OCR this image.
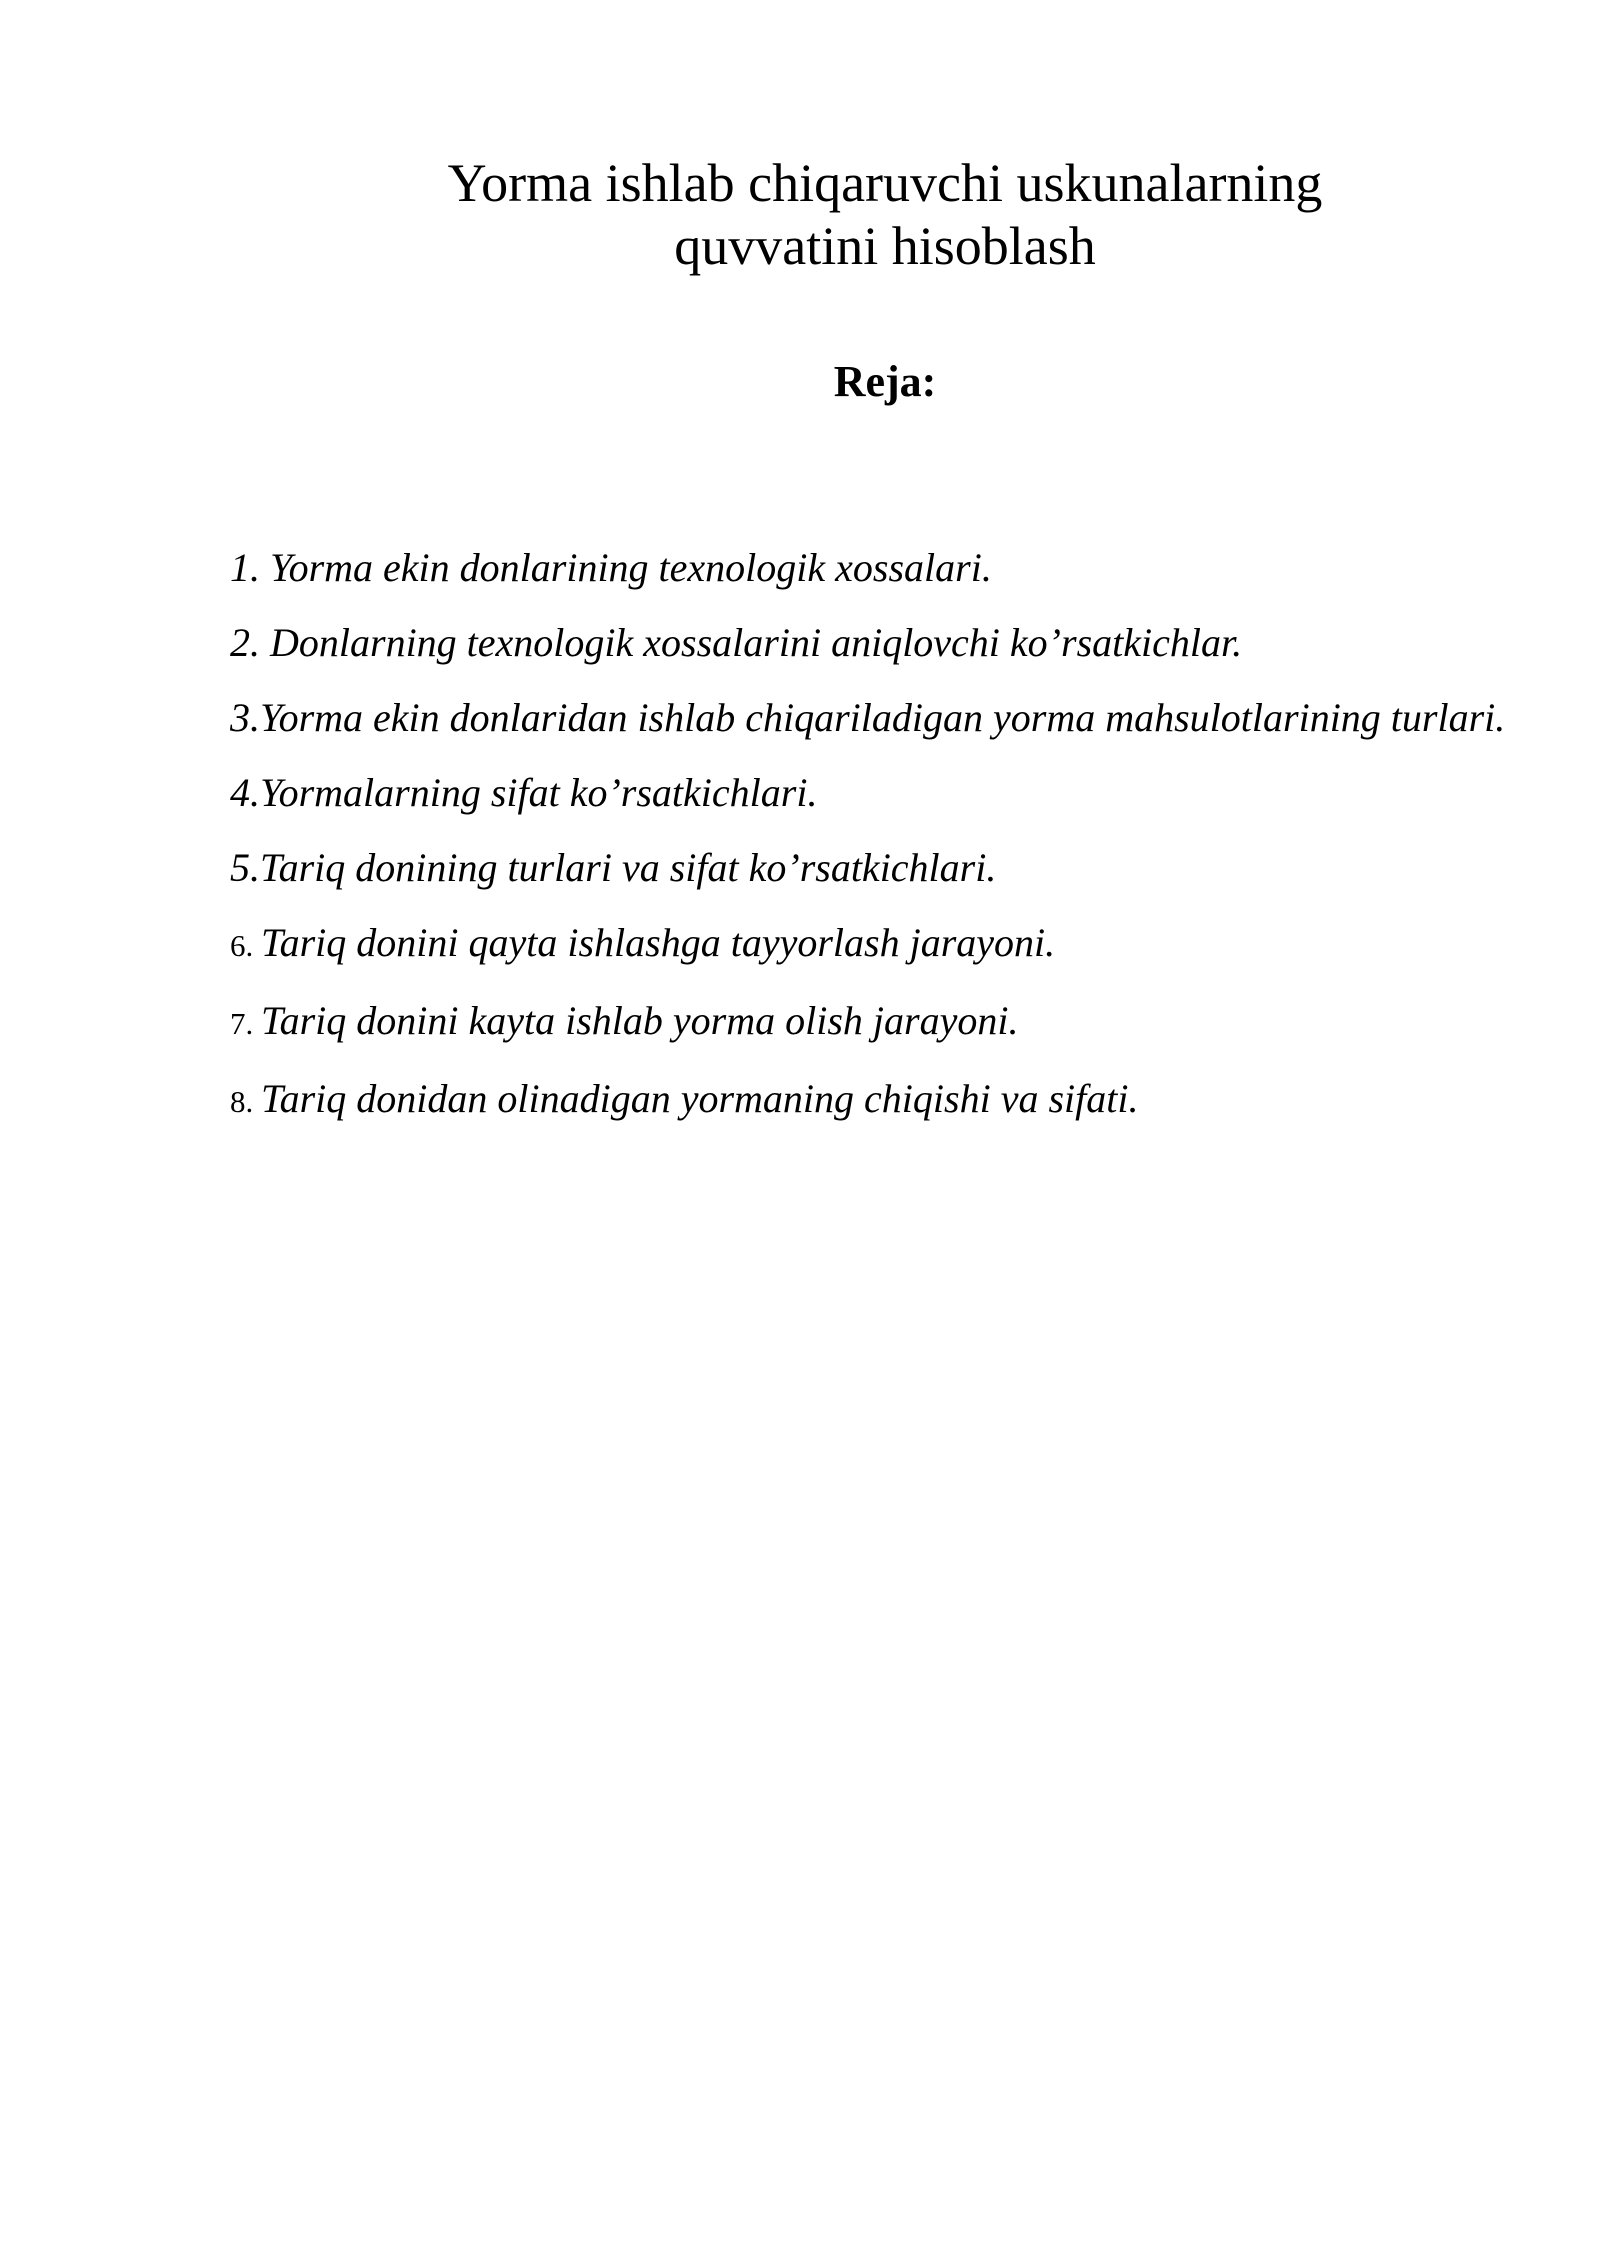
Yorma ishlab chiqaruvchi uskunalarning
quvvatini hisoblash
Reja:
1. Yorma ekin donlarining texnologik xossalari.
2. Donlarning texnologik xossalarini aniqlovchi ko’rsatkichlar.
3.Yorma ekin donlaridan ishlab chiqariladigan yorma mahsulotlarining turlari.
4.Yormalarning sifat ko’rsatkichlari.
5.Tariq donining turlari va sifat ko’rsatkichlari.
6. Tariq donini qayta ishlashga tayyorlash jarayoni.
7. Tariq donini kayta ishlab yorma olish jarayoni.
8. Tariq donidan olinadigan yormaning chiqishi va sifati.
